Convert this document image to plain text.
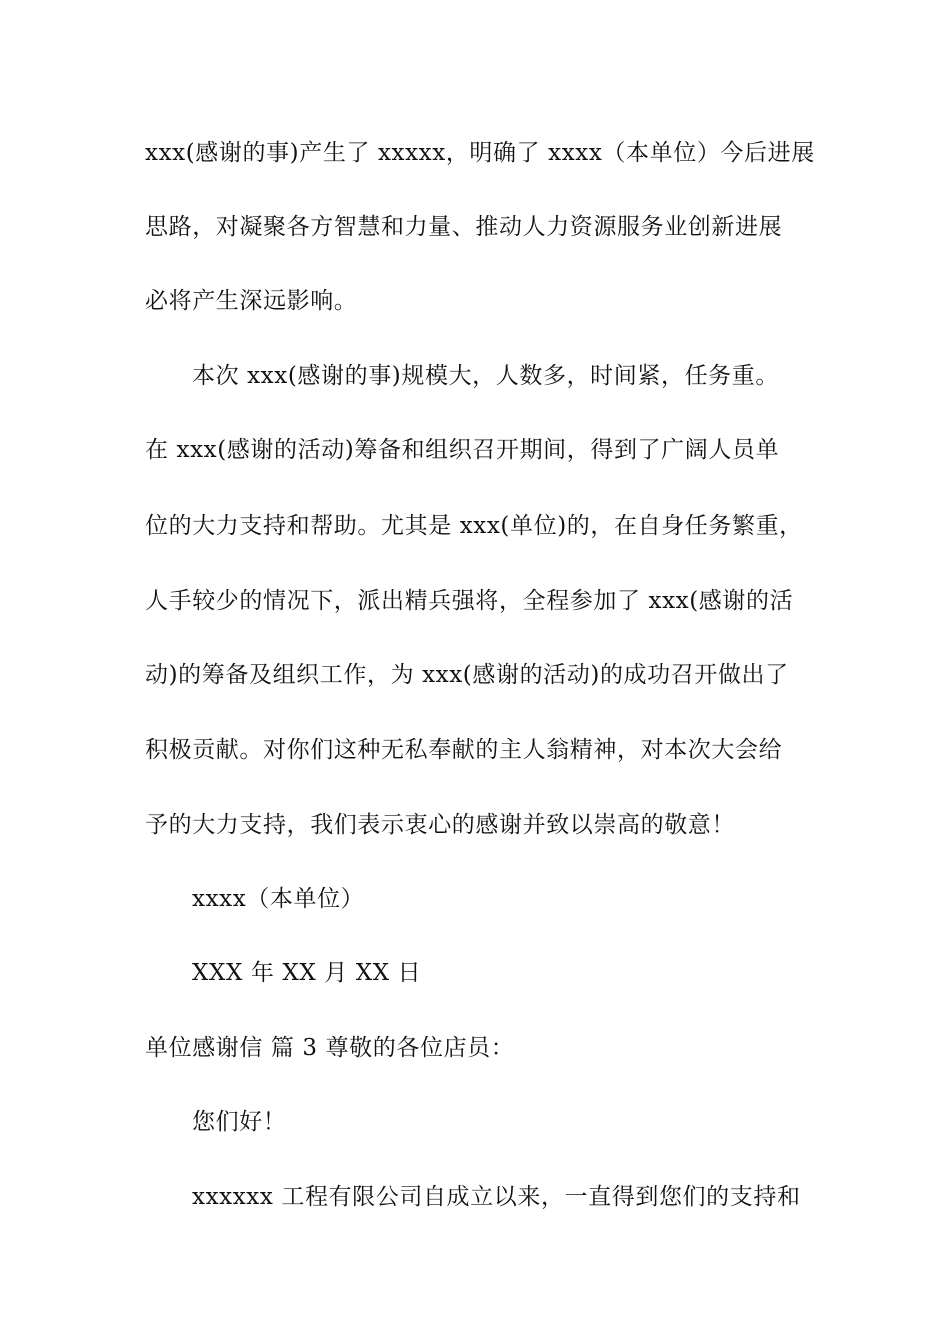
xxx(感谢的事)产生了 xxxxx，明确了 xxxx（本单位）今后进展
思路，对凝聚各方智慧和力量、推动人力资源服务业创新进展
必将产生深远影响。
本次 xxx(感谢的事)规模大，人数多，时间紧，任务重。
在 xxx(感谢的活动)筹备和组织召开期间，得到了广阔人员单
位的大力支持和帮助。尤其是 xxx(单位)的，在自身任务繁重，
人手较少的情况下，派出精兵强将，全程参加了 xxx(感谢的活
动)的筹备及组织工作，为 xxx(感谢的活动)的成功召开做出了
积极贡献。对你们这种无私奉献的主人翁精神，对本次大会给
予的大力支持，我们表示衷心的感谢并致以崇高的敬意！
xxxx（本单位）
XXX 年 XX 月 XX 日
单位感谢信 篇 3 尊敬的各位店员：
您们好！
xxxxxx 工程有限公司自成立以来，一直得到您们的支持和
